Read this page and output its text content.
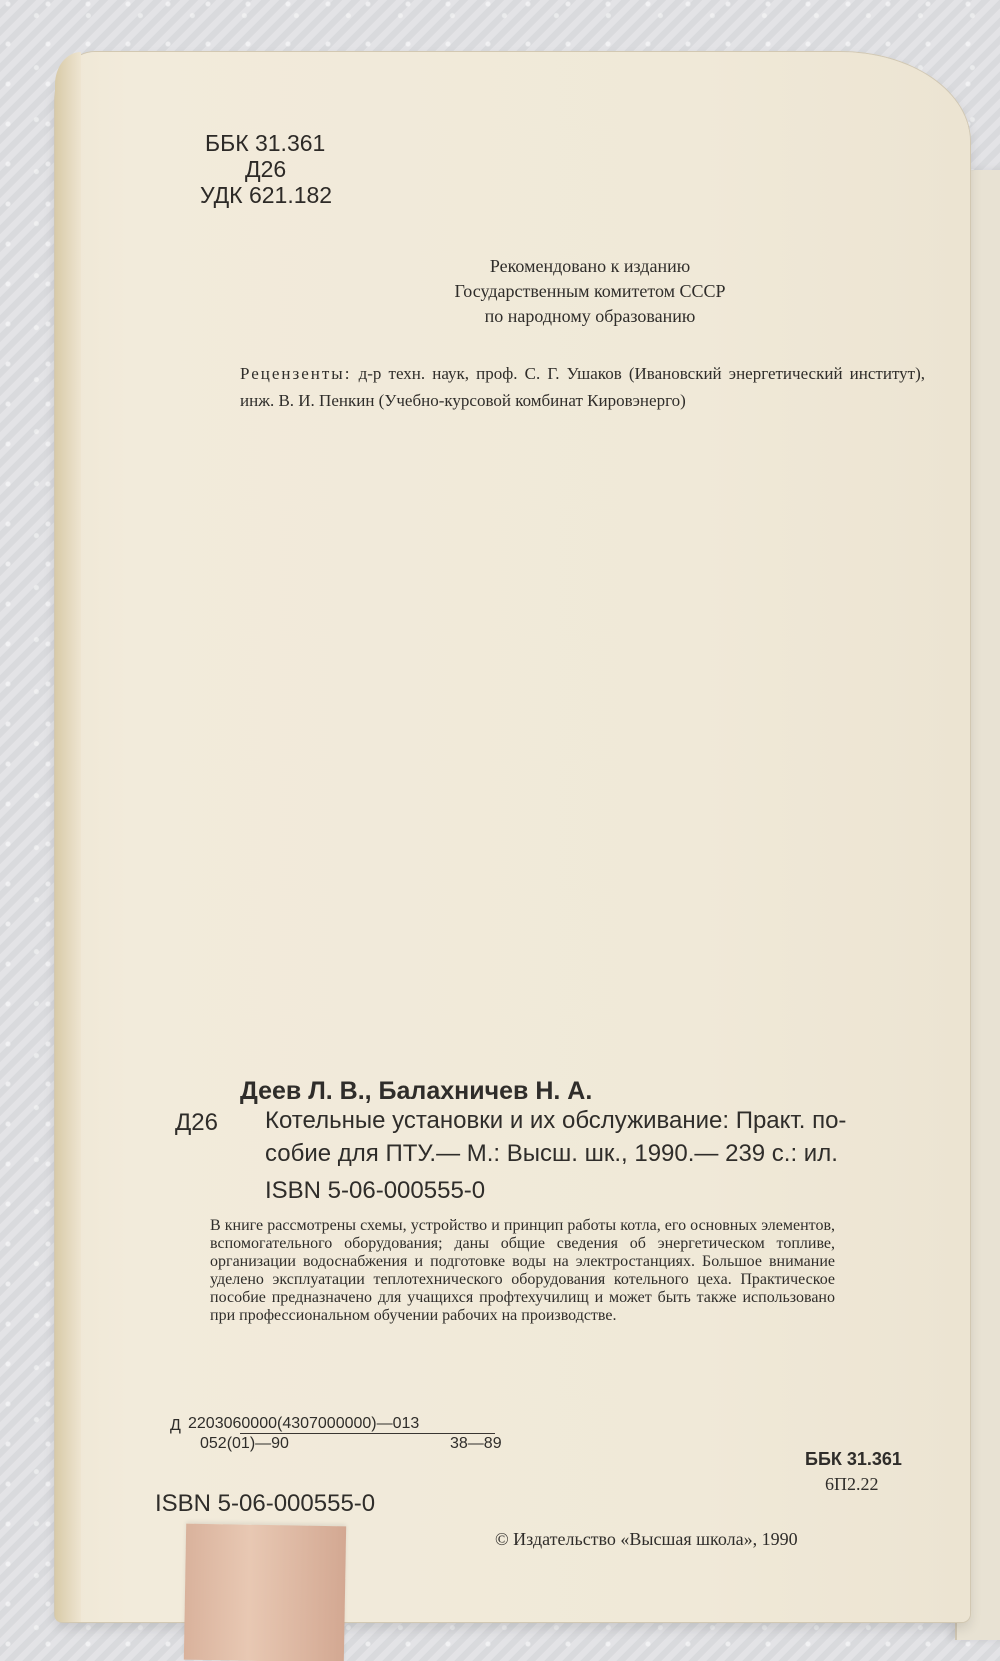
ББК 31.361
Д26
УДК 621.182
Рекомендовано к изданию
Государственным комитетом СССР
по народному образованию
Рецензенты: д-р техн. наук, проф. С. Г. Ушаков (Ивановский энергетический институт), инж. В. И. Пенкин (Учебно-курсовой комбинат Кировэнерго)
Деев Л. В., Балахничев Н. А.
Д26 Котельные установки и их обслуживание: Практ. по-
собие для ПТУ.— М.: Высш. шк., 1990.— 239 с.: ил.
ISBN 5-06-000555-0
В книге рассмотрены схемы, устройство и принцип работы котла, его основных элементов, вспомогательного оборудования; даны общие сведения об энергетическом топливе, организации водоснабжения и подготовке воды на электростанциях. Большое внимание уделено эксплуатации теплотехнического оборудования котельного цеха. Практическое пособие предназначено для учащихся профтехучилищ и может быть также использовано при профессиональном обучении рабочих на производстве.
Д 2203060000(4307000000)—013
052(01)—90	38—89
ББК 31.361
6П2.22
ISBN 5-06-000555-0
© Издательство «Высшая школа», 1990
